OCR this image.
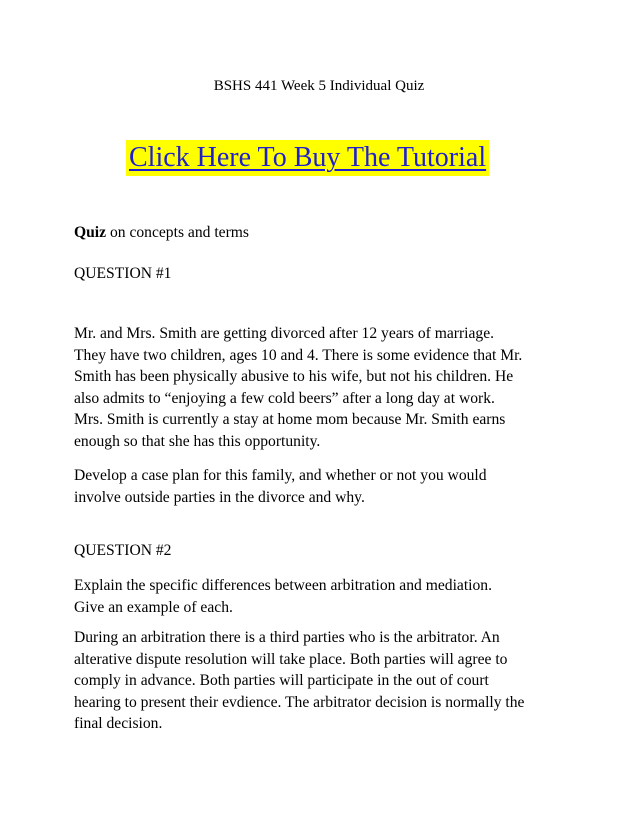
BSHS 441 Week 5 Individual Quiz
Click Here To Buy The Tutorial

Quiz on concepts and terms

QUESTION #1

Mr. and Mrs. Smith are getting divorced after 12 years of marriage.
They have two children, ages 10 and 4. There is some evidence that Mr.
Smith has been physically abusive to his wife, but not his children. He
also admits to “enjoying a few cold beers” after a long day at work.
Mrs. Smith is currently a stay at home mom because Mr. Smith earns
enough so that she has this opportunity.

Develop a case plan for this family, and whether or not you would
involve outside parties in the divorce and why.

QUESTION #2

Explain the specific differences between arbitration and mediation.
Give an example of each.

During an arbitration there is a third parties who is the arbitrator. An
alterative dispute resolution will take place. Both parties will agree to
comply in advance. Both parties will participate in the out of court
hearing to present their evdience. The arbitrator decision is normally the
final decision.
